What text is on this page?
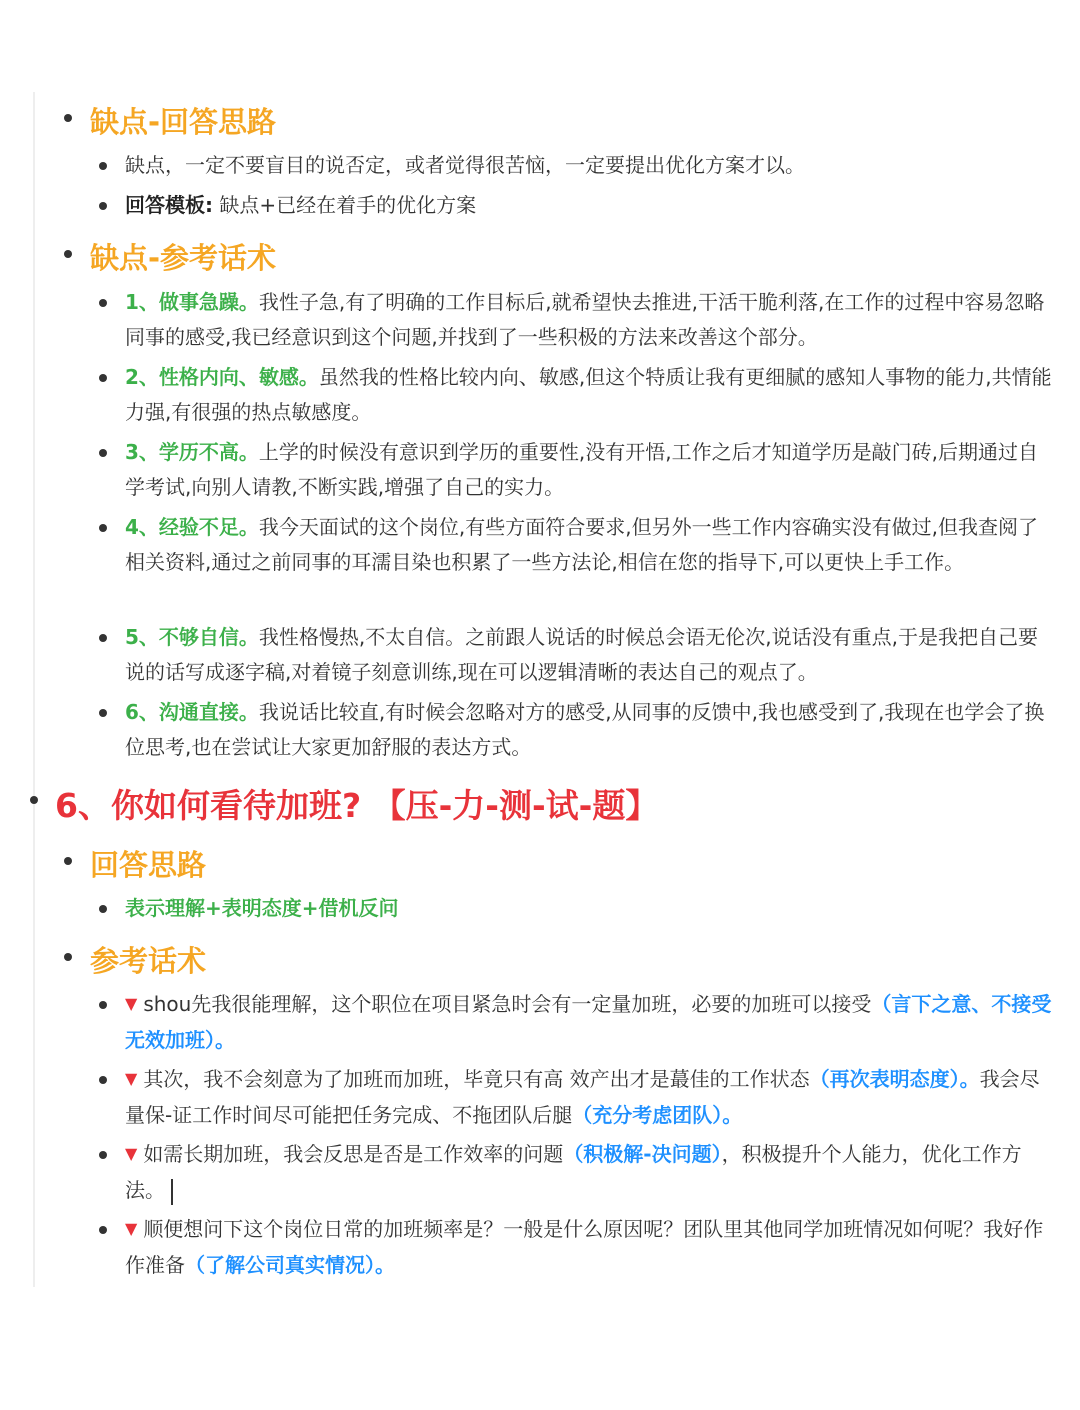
缺点-回答思路

缺点，一定不要盲目的说否定，或者觉得很苦恼，一定要提出优化方案才以。

回答模板: 缺点+已经在着手的优化方案

缺点-参考话术

1、做事急躁。我性子急,有了明确的工作目标后,就希望快去推进,干活干脆利落,在工作的过程中容易忽略同事的感受,我已经意识到这个问题,并找到了一些积极的方法来改善这个部分。

2、性格内向、敏感。虽然我的性格比较内向、敏感,但这个特质让我有更细腻的感知人事物的能力,共情能力强,有很强的热点敏感度。

3、学历不高。上学的时候没有意识到学历的重要性,没有开悟,工作之后才知道学历是敲门砖,后期通过自学考试,向别人请教,不断实践,增强了自己的实力。

4、经验不足。我今天面试的这个岗位,有些方面符合要求,但另外一些工作内容确实没有做过,但我查阅了相关资料,通过之前同事的耳濡目染也积累了一些方法论,相信在您的指导下,可以更快上手工作。

5、不够自信。我性格慢热,不太自信。之前跟人说话的时候总会语无伦次,说话没有重点,于是我把自己要说的话写成逐字稿,对着镜子刻意训练,现在可以逻辑清晰的表达自己的观点了。

6、沟通直接。我说话比较直,有时候会忽略对方的感受,从同事的反馈中,我也感受到了,我现在也学会了换位思考,也在尝试让大家更加舒服的表达方式。

6、你如何看待加班? 【压-力-测-试-题】
回答思路

表示理解+表明态度+借机反问

参考话术

▼ shou先我很能理解，这个职位在项目紧急时会有一定量加班，必要的加班可以接受（言下之意、不接受无效加班）。

▼ 其次，我不会刻意为了加班而加班，毕竟只有高 效产出才是蕞佳的工作状态（再次表明态度）。我会尽量保-证工作时间尽可能把任务完成、不拖团队后腿（充分考虑团队）。

▼ 如需长期加班，我会反思是否是工作效率的问题（积极解-决问题），积极提升个人能力，优化工作方法。

▼ 顺便想问下这个岗位日常的加班频率是？一般是什么原因呢？团队里其他同学加班情况如何呢？我好作作准备（了解公司真实情况）。
